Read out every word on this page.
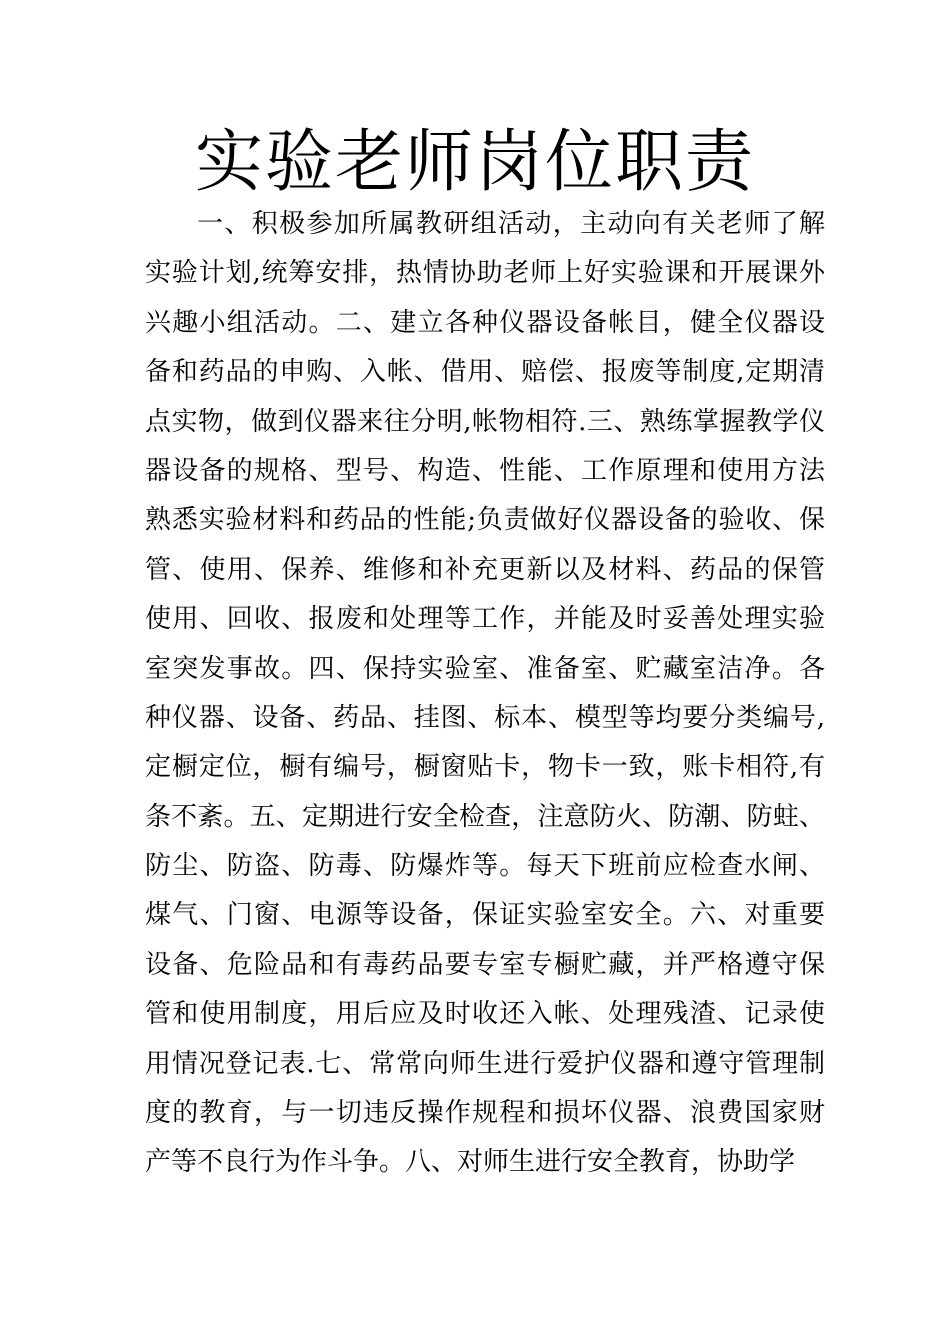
实验老师岗位职责
一、积极参加所属教研组活动，主动向有关老师了解
实验计划,统筹安排，热情协助老师上好实验课和开展课外
兴趣小组活动。二、建立各种仪器设备帐目，健全仪器设
备和药品的申购、入帐、借用、赔偿、报废等制度,定期清
点实物，做到仪器来往分明,帐物相符.三、熟练掌握教学仪
器设备的规格、型号、构造、性能、工作原理和使用方法
熟悉实验材料和药品的性能;负责做好仪器设备的验收、保
管、使用、保养、维修和补充更新以及材料、药品的保管
使用、回收、报废和处理等工作，并能及时妥善处理实验
室突发事故。四、保持实验室、准备室、贮藏室洁净。各
种仪器、设备、药品、挂图、标本、模型等均要分类编号,
定橱定位，橱有编号，橱窗贴卡，物卡一致，账卡相符,有
条不紊。五、定期进行安全检查，注意防火、防潮、防蛀、
防尘、防盗、防毒、防爆炸等。每天下班前应检查水闸、
煤气、门窗、电源等设备，保证实验室安全。六、对重要
设备、危险品和有毒药品要专室专橱贮藏，并严格遵守保
管和使用制度，用后应及时收还入帐、处理残渣、记录使
用情况登记表.七、常常向师生进行爱护仪器和遵守管理制
度的教育，与一切违反操作规程和损坏仪器、浪费国家财
产等不良行为作斗争。八、对师生进行安全教育，协助学
